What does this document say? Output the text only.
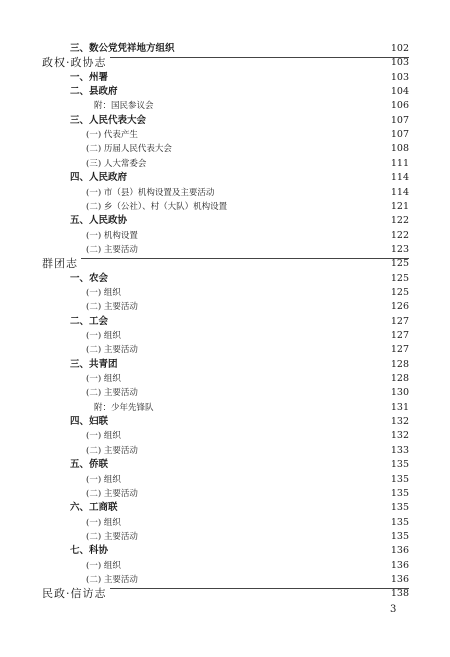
三、数公党凭祥地方组织	102
政权·政协志	103
一、州署	103
二、县政府	104
附：国民参议会	106
三、人民代表大会	107
(一) 代表产生	107
(二) 历届人民代表大会	108
(三) 人大常委会	111
四、人民政府	114
(一) 市（县）机构设置及主要活动	114
(二) 乡（公社）、村（大队）机构设置	121
五、人民政协	122
(一) 机构设置	122
(二) 主要活动	123
群团志	125
一、农会	125
(一) 组织	125
(二) 主要活动	126
二、工会	127
(一) 组织	127
(二) 主要活动	127
三、共青团	128
(一) 组织	128
(二) 主要活动	130
附：少年先锋队	131
四、妇联	132
(一) 组织	132
(二) 主要活动	133
五、侨联	135
(一) 组织	135
(二) 主要活动	135
六、工商联	135
(一) 组织	135
(二) 主要活动	135
七、科协	136
(一) 组织	136
(二) 主要活动	136
民政·信访志	138
3
